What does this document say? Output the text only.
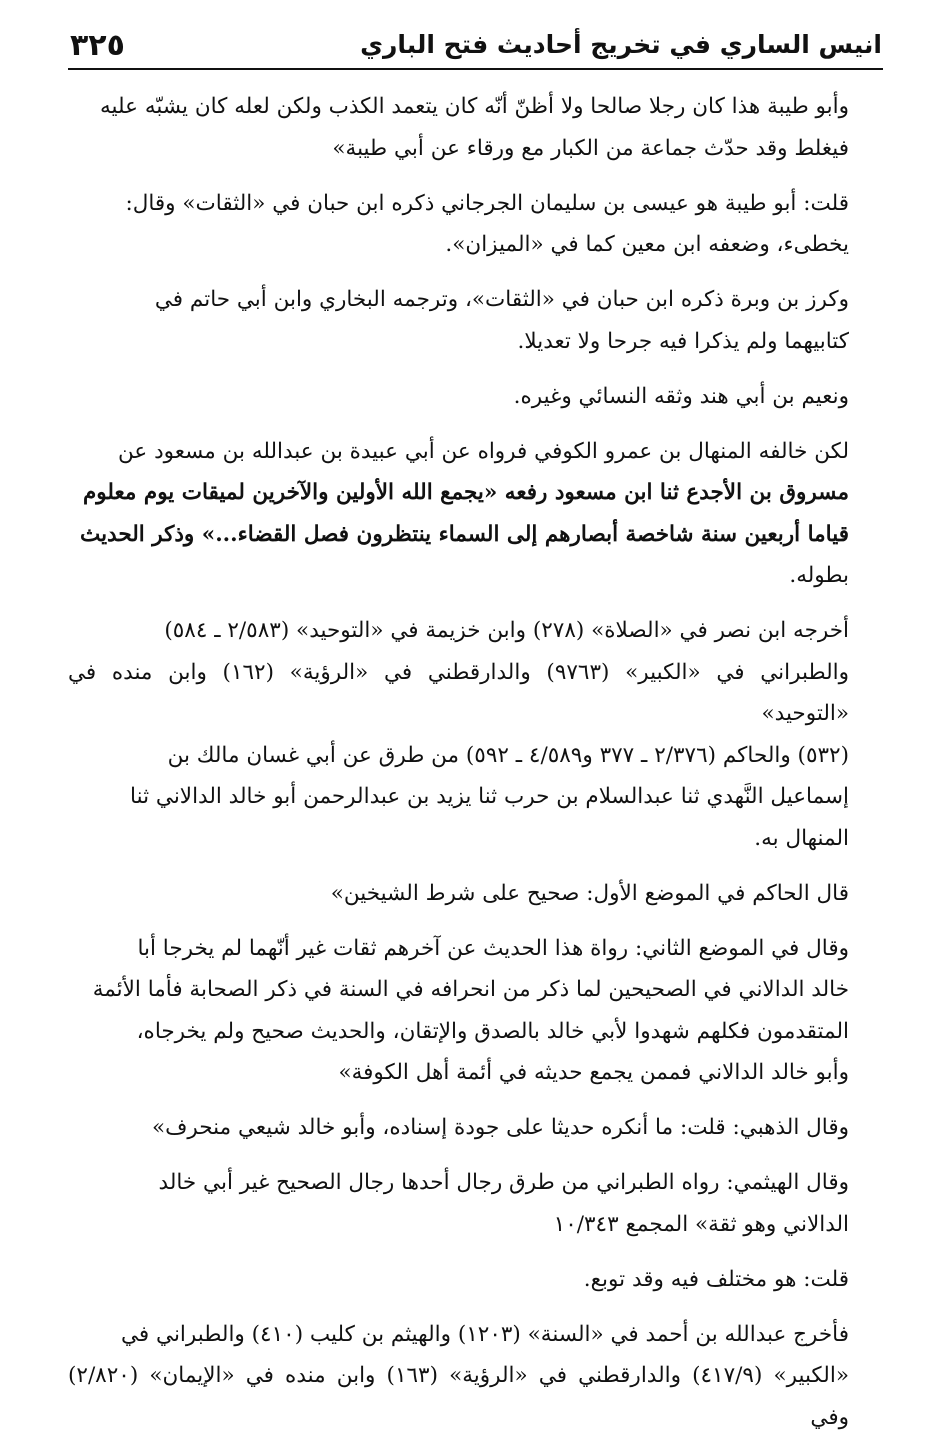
٣٢٥	انيس الساري في تخريج أحاديث فتح الباري

وأبو طيبة هذا كان رجلا صالحا ولا أظنّ أنّه كان يتعمد الكذب ولكن لعله كان يشبّه عليه
فيغلط وقد حدّث جماعة من الكبار مع ورقاء عن أبي طيبة»

قلت: أبو طيبة هو عيسى بن سليمان الجرجاني ذكره ابن حبان في «الثقات» وقال:
يخطىء، وضعفه ابن معين كما في «الميزان».

وكرز بن وبرة ذكره ابن حبان في «الثقات»، وترجمه البخاري وابن أبي حاتم في
كتابيهما ولم يذكرا فيه جرحا ولا تعديلا.

ونعيم بن أبي هند وثقه النسائي وغيره.

لكن خالفه المنهال بن عمرو الكوفي فرواه عن أبي عبيدة بن عبدالله بن مسعود عن
مسروق بن الأجدع ثنا ابن مسعود رفعه «يجمع الله الأولين والآخرين لميقات يوم معلوم
قياما أربعين سنة شاخصة أبصارهم إلى السماء ينتظرون فصل القضاء...» وذكر الحديث
بطوله.

أخرجه ابن نصر في «الصلاة» (٢٧٨) وابن خزيمة في «التوحيد» (٢/٥٨٣ ـ ٥٨٤)
والطبراني في «الكبير» (٩٧٦٣) والدارقطني في «الرؤية» (١٦٢) وابن منده في «التوحيد»
(٥٣٢) والحاكم (٢/٣٧٦ ـ ٣٧٧ و٤/٥٨٩ ـ ٥٩٢) من طرق عن أبي غسان مالك بن
إسماعيل النَّهدي ثنا عبدالسلام بن حرب ثنا يزيد بن عبدالرحمن أبو خالد الدالاني ثنا
المنهال به.

قال الحاكم في الموضع الأول: صحيح على شرط الشيخين»

وقال في الموضع الثاني: رواة هذا الحديث عن آخرهم ثقات غير أنّهما لم يخرجا أبا
خالد الدالاني في الصحيحين لما ذكر من انحرافه في السنة في ذكر الصحابة فأما الأئمة
المتقدمون فكلهم شهدوا لأبي خالد بالصدق والإتقان، والحديث صحيح ولم يخرجاه،
وأبو خالد الدالاني فممن يجمع حديثه في أئمة أهل الكوفة»

وقال الذهبي: قلت: ما أنكره حديثا على جودة إسناده، وأبو خالد شيعي منحرف»

وقال الهيثمي: رواه الطبراني من طرق رجال أحدها رجال الصحيح غير أبي خالد
الدالاني وهو ثقة» المجمع ١٠/٣٤٣

قلت: هو مختلف فيه وقد توبع.

فأخرج عبدالله بن أحمد في «السنة» (١٢٠٣) والهيثم بن كليب (٤١٠) والطبراني في
«الكبير» (٤١٧/٩) والدارقطني في «الرؤية» (١٦٣) وابن منده في «الإيمان» (٢/٨٢٠) وفي
